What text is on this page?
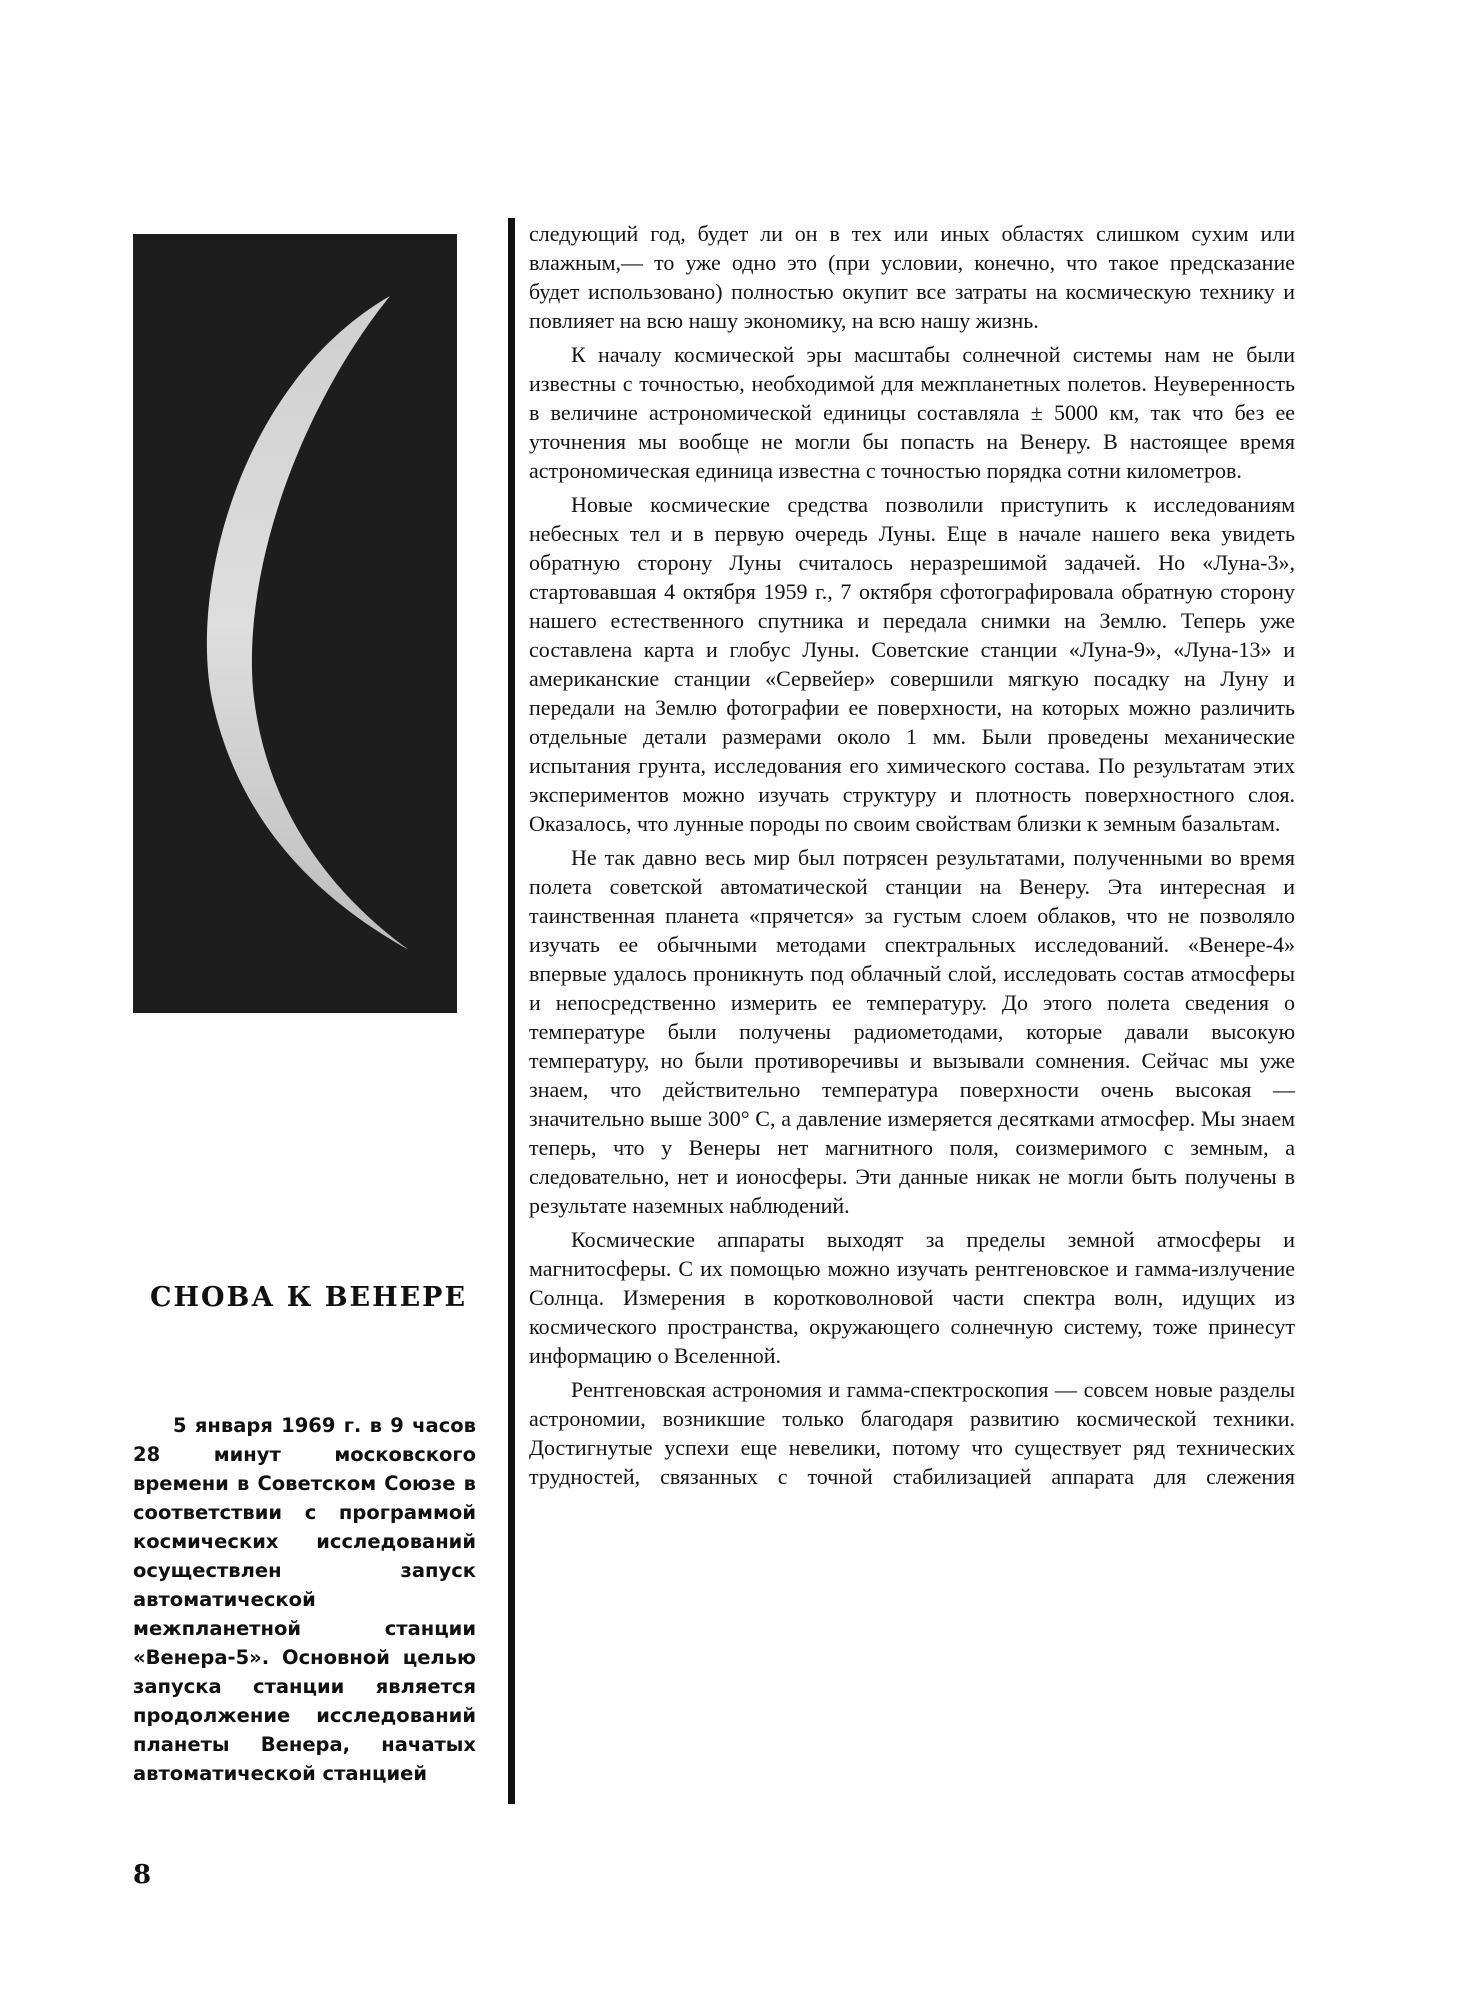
СНОВА К ВЕНЕРЕ

5 января 1969 г. в 9 часов 28 минут московского времени в Советском Союзе в соответствии с программой космических исследований осуществлен запуск автоматической межпланетной станции «Венера-5». Основной целью запуска станции является продолжение исследований планеты Венера, начатых автоматической станцией

следующий год, будет ли он в тех или иных областях слишком сухим или влажным,— то уже одно это (при условии, конечно, что такое предсказание будет использовано) полностью окупит все затраты на космическую технику и повлияет на всю нашу экономику, на всю нашу жизнь.

К началу космической эры масштабы солнечной системы нам не были известны с точностью, необходимой для межпланетных полетов. Неуверенность в величине астрономической единицы составляла ± 5000 км, так что без ее уточнения мы вообще не могли бы попасть на Венеру. В настоящее время астрономическая единица известна с точностью порядка сотни километров.

Новые космические средства позволили приступить к исследованиям небесных тел и в первую очередь Луны. Еще в начале нашего века увидеть обратную сторону Луны считалось неразрешимой задачей. Но «Луна-3», стартовавшая 4 октября 1959 г., 7 октября сфотографировала обратную сторону нашего естественного спутника и передала снимки на Землю. Теперь уже составлена карта и глобус Луны. Советские станции «Луна-9», «Луна-13» и американские станции «Сервейер» совершили мягкую посадку на Луну и передали на Землю фотографии ее поверхности, на которых можно различить отдельные детали размерами около 1 мм. Были проведены механические испытания грунта, исследования его химического состава. По результатам этих экспериментов можно изучать структуру и плотность поверхностного слоя. Оказалось, что лунные породы по своим свойствам близки к земным базальтам.

Не так давно весь мир был потрясен результатами, полученными во время полета советской автоматической станции на Венеру. Эта интересная и таинственная планета «прячется» за густым слоем облаков, что не позволяло изучать ее обычными методами спектральных исследований. «Венере-4» впервые удалось проникнуть под облачный слой, исследовать состав атмосферы и непосредственно измерить ее температуру. До этого полета сведения о температуре были получены радиометодами, которые давали высокую температуру, но были противоречивы и вызывали сомнения. Сейчас мы уже знаем, что действительно температура поверхности очень высокая — значительно выше 300° С, а давление измеряется десятками атмосфер. Мы знаем теперь, что у Венеры нет магнитного поля, соизмеримого с земным, а следовательно, нет и ионосферы. Эти данные никак не могли быть получены в результате наземных наблюдений.

Космические аппараты выходят за пределы земной атмосферы и магнитосферы. С их помощью можно изучать рентгеновское и гамма-излучение Солнца. Измерения в коротковолновой части спектра волн, идущих из космического пространства, окружающего солнечную систему, тоже принесут информацию о Вселенной.

Рентгеновская астрономия и гамма-спектроскопия — совсем новые разделы астрономии, возникшие только благодаря развитию космической техники. Достигнутые успехи еще невелики, потому что существует ряд технических трудностей, связанных с точной стабилизацией аппарата для слежения

8
